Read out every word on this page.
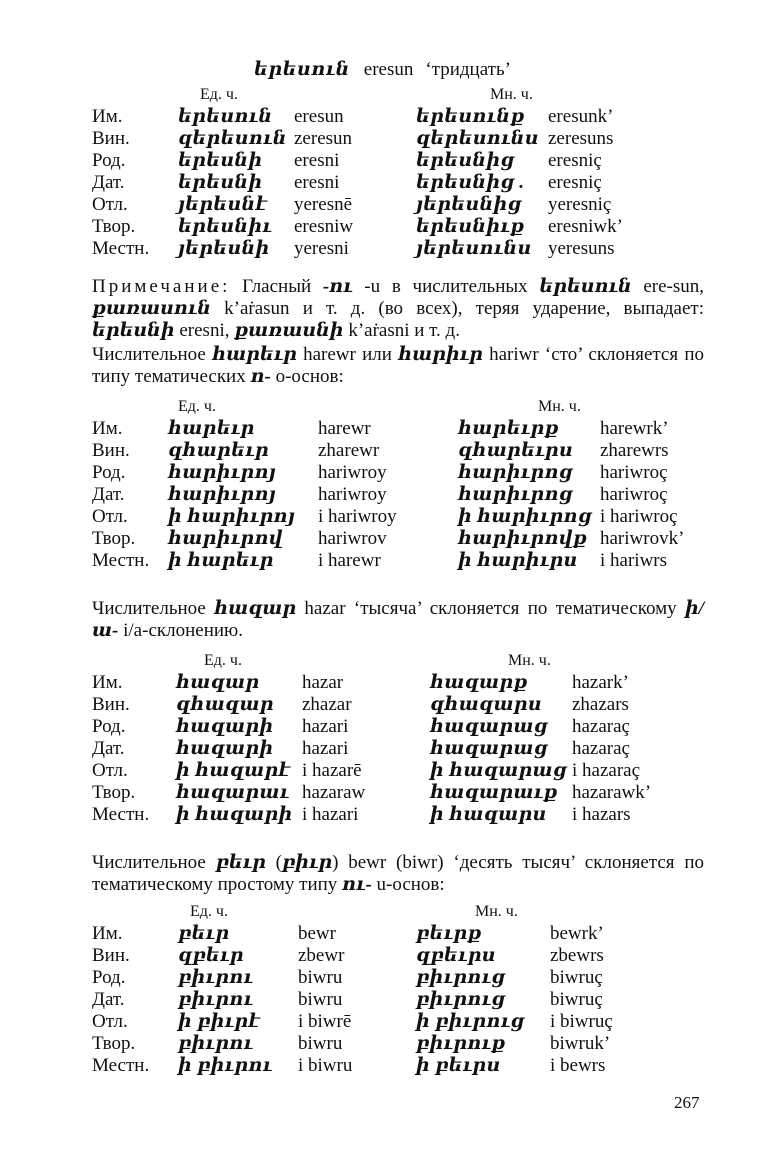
երեսուն eresun ‘тридцать’
Ед. ч.	Мн. ч.
Им.	երեսուն eresun	երեսունք eresunk’
Вин.	զերեսուն zeresun	զերեսունս zeresuns
Род.	երեսնի eresni	երեսնից eresniç
Дат.	երեսնի eresni	երեսնից . eresniç
Отл.	յերեսնէ yeresnē	յերեսնից yeresniç
Твор. երեսնիւ eresniw	երեսնիւք eresniwk’
Местн. յերեսնի yeresni	յերեսունս yeresuns
Примечание: Гласный -ու -u в числительных երեսուն ere-sun, քառասուն k’aṙasun и т. д. (во всех), теряя ударение, выпадает: երեսնի eresni, քառասնի k’aṙasni и т. д.
Числительное հարեւր harewr или հարիւր hariwr ‘сто’ склоняется по типу тематических ո- o-основ:
Ед. ч.	Мн. ч.
Им. հարեւր	harewr	հարեւրք harewrk’
Вин. զհարեւր	zharewr	զհարեւրս zharewrs
Род. հարիւրոյ hariwroy	հարիւրոց hariwroç
Дат. հարիւրոյ hariwroy	հարիւրոց hariwroç
Отл. ի հարիւրոյ i hariwroy	ի հարիւրոց i hariwroç
Твор. հարիւրով hariwrov	հարիւրովք hariwrovk’
Местн. ի հարեւր i harewr	ի հարիւրս i hariwrs
Числительное հազար hazar ‘тысяча’ склоняется по тематическому ի/ա- i/a-склонению.
Ед. ч.	Мн. ч.
Им.	հազար hazar	հազարք hazark’
Вин. զհազար zhazar	զհազարս zhazars
Род.	հազարի hazari	հազարաց hazaraç
Дат.	հազարի hazari	հազարաց hazaraç
Отл.	ի հազարէ i hazarē	ի հազարաց i hazaraç
Твор. հազարաւ hazaraw	հազարաւք hazarawk’
Местн. ի հազարի i hazari	ի հազարս i hazars
Числительное բեւր (բիւր) bewr (biwr) ‘десять тысяч’ склоняется по тематическому простому типу ու- u-основ:
Ед. ч.	Мн. ч.
Им.	բեւր	bewr	բեւրք	bewrk’
Вин.	զբեւր	zbewr	զբեւրս	zbewrs
Род.	բիւրու biwru	բիւրուց biwruç
Дат.	բիւրու biwru	բիւրուց biwruç
Отл.	ի բիւրէ i biwrē	ի բիւրուց i biwruç
Твор. բիւրու biwru	բիւրուք biwruk’
Местн. ի բիւրու i biwru	ի բեւրս	i bewrs
267
